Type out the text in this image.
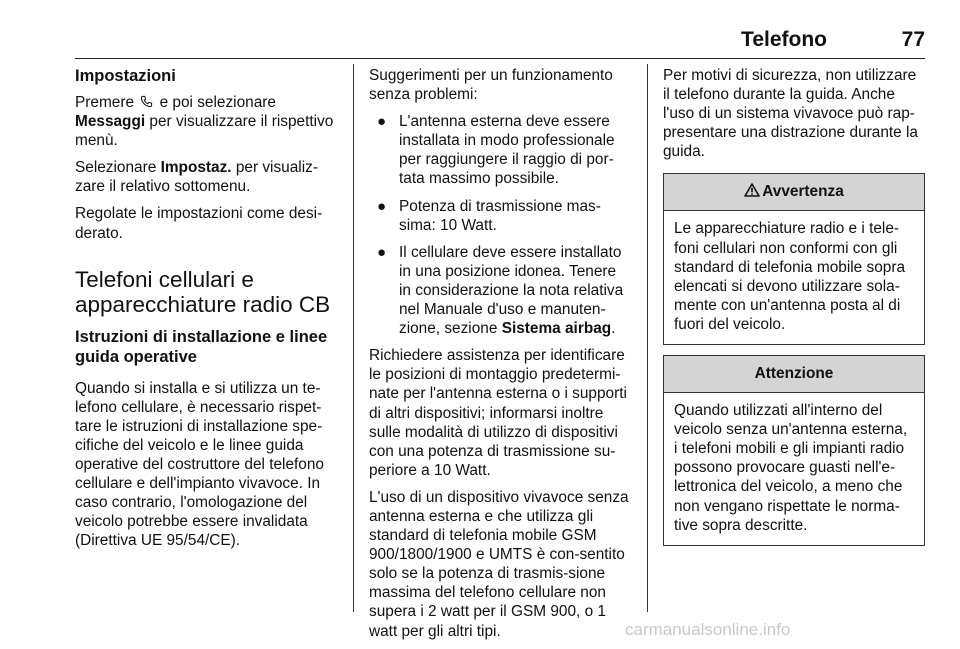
Telefono	77
Impostazioni

Premere e poi selezionare Messaggi per visualizzare il rispettivo menù.

Selezionare Impostaz. per visualiz-zare il relativo sottomenu.

Regolate le impostazioni come desi-derato.

Telefoni cellulari e apparecchiature radio CB
Istruzioni di installazione e linee guida operative

Quando si installa e si utilizza un te-lefono cellulare, è necessario rispet-tare le istruzioni di installazione spe-cifiche del veicolo e le linee guida operative del costruttore del telefono cellulare e dell'impianto vivavoce. In caso contrario, l'omologazione del veicolo potrebbe essere invalidata (Direttiva UE 95/54/CE).

Suggerimenti per un funzionamento senza problemi:

● L'antenna esterna deve essere installata in modo professionale per raggiungere il raggio di por-tata massimo possibile.
● Potenza di trasmissione mas-sima: 10 Watt.
● Il cellulare deve essere installato in una posizione idonea. Tenere in considerazione la nota relativa nel Manuale d'uso e manuten-zione, sezione Sistema airbag.

Richiedere assistenza per identificare le posizioni di montaggio predetermi-nate per l'antenna esterna o i supporti di altri dispositivi; informarsi inoltre sulle modalità di utilizzo di dispositivi con una potenza di trasmissione su-periore a 10 Watt.

L'uso di un dispositivo vivavoce senza antenna esterna e che utilizza gli standard di telefonia mobile GSM 900/1800/1900 e UMTS è con-sentito solo se la potenza di trasmis-sione massima del telefono cellulare non supera i 2 watt per il GSM 900, o 1 watt per gli altri tipi.

Per motivi di sicurezza, non utilizzare il telefono durante la guida. Anche l'uso di un sistema vivavoce può rap-presentare una distrazione durante la guida.

Avvertenza
Le apparecchiature radio e i tele-foni cellulari non conformi con gli standard di telefonia mobile sopra elencati si devono utilizzare sola-mente con un'antenna posta al di fuori del veicolo.
Attenzione
Quando utilizzati all'interno del veicolo senza un'antenna esterna, i telefoni mobili e gli impianti radio possono provocare guasti nell'e-lettronica del veicolo, a meno che non vengano rispettate le norma-tive sopra descritte.
carmanualsonline.info
